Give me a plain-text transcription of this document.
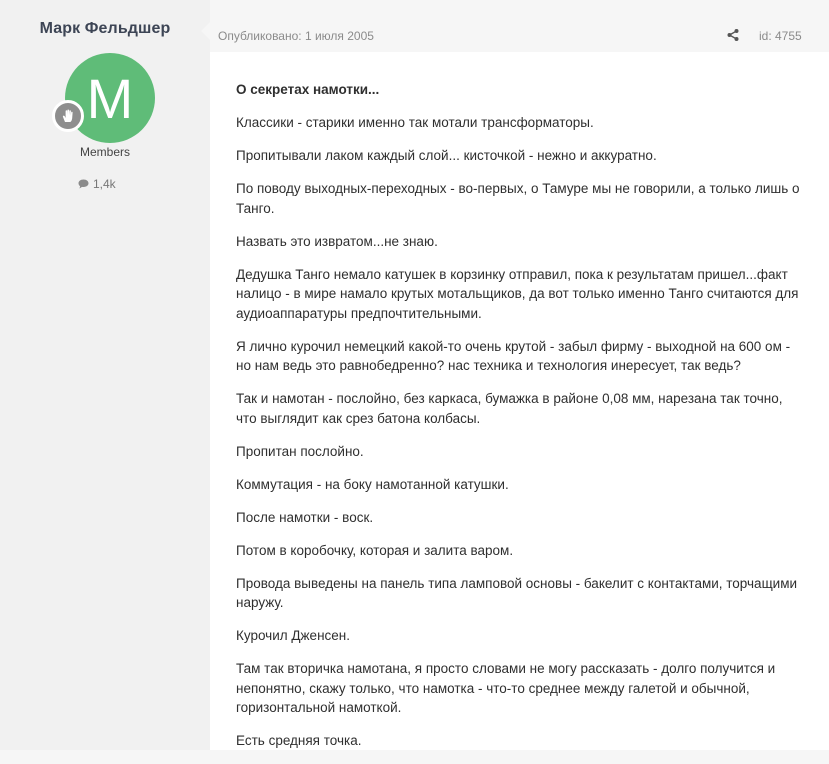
Марк Фельдшер
M
Members
1,4k
Опубликовано: 1 июля 2005	id: 4755

О секретах намотки...

Классики - старики именно так мотали трансформаторы.

Пропитывали лаком каждый слой... кисточкой - нежно и аккуратно.

По поводу выходных-переходных - во-первых, о Тамуре мы не говорили, а только лишь о Танго.

Назвать это извратом...не знаю.

Дедушка Танго немало катушек в корзинку отправил, пока к результатам пришел...факт налицо - в мире намало крутых мотальщиков, да вот только именно Танго считаются для аудиоаппаратуры предпочтительными.

Я лично курочил немецкий какой-то очень крутой - забыл фирму - выходной на 600 ом - но нам ведь это равнобедренно? нас техника и технология инересует, так ведь?

Так и намотан - послойно, без каркаса, бумажка в районе 0,08 мм, нарезана так точно, что выглядит как срез батона колбасы.

Пропитан послойно.

Коммутация - на боку намотанной катушки.

После намотки - воск.

Потом в коробочку, которая и залита варом.

Провода выведены на панель типа ламповой основы - бакелит с контактами, торчащими наружу.

Курочил Дженсен.

Там так вторичка намотана, я просто словами не могу рассказать - долго получится и непонятно, скажу только, что намотка - что-то среднее между галетой и обычной, горизонтальной намоткой.

Есть средняя точка.
